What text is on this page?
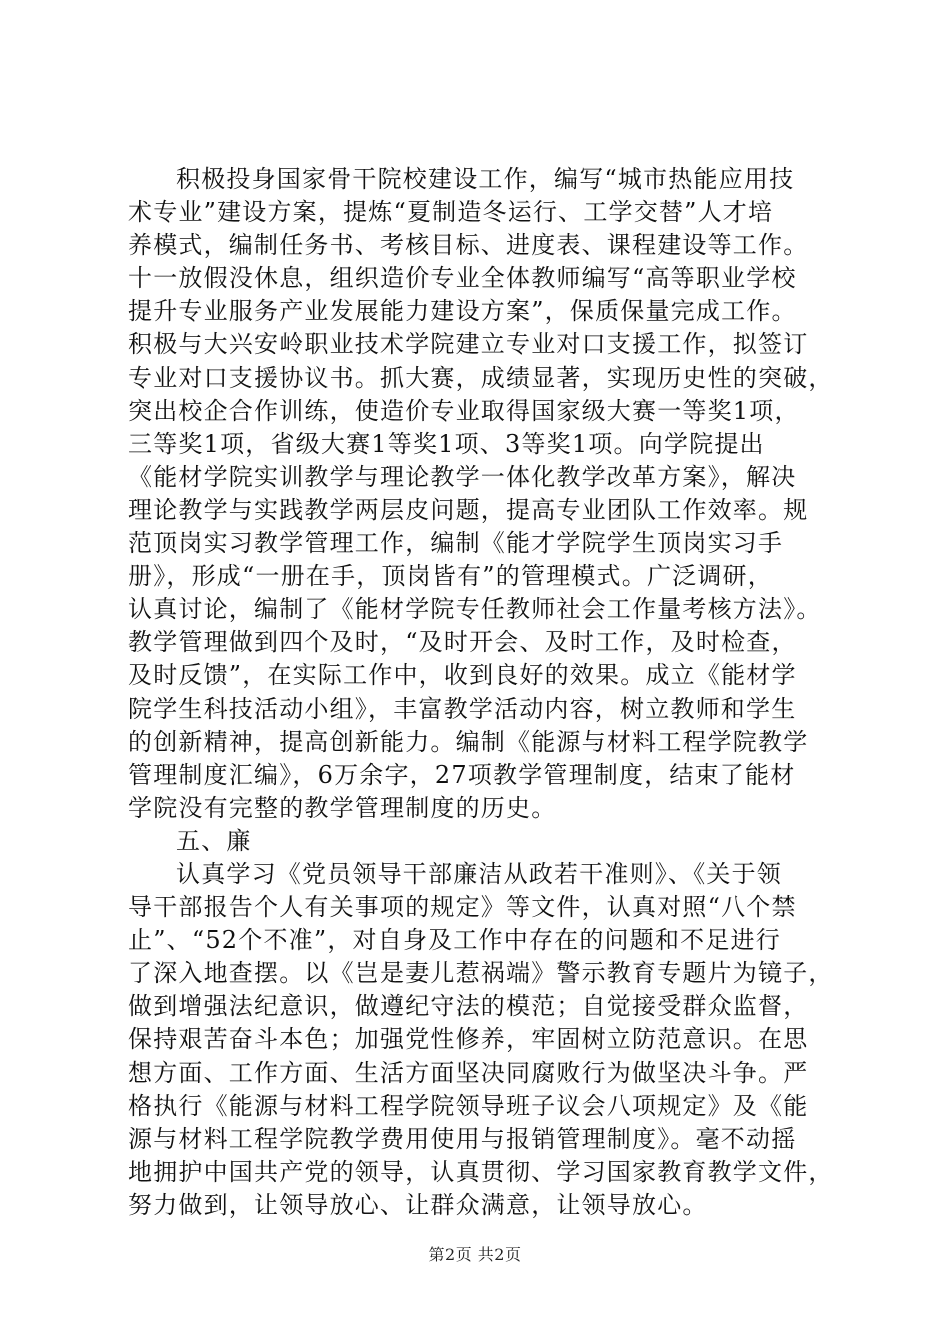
积极投身国家骨干院校建设工作，编写“城市热能应用技
术专业”建设方案，提炼“夏制造冬运行、工学交替”人才培
养模式，编制任务书、考核目标、进度表、课程建设等工作。
十一放假没休息，组织造价专业全体教师编写“高等职业学校
提升专业服务产业发展能力建设方案”，保质保量完成工作。
积极与大兴安岭职业技术学院建立专业对口支援工作，拟签订
专业对口支援协议书。抓大赛，成绩显著，实现历史性的突破，
突出校企合作训练，使造价专业取得国家级大赛一等奖1项，
三等奖1项，省级大赛1等奖1项、3等奖1项。向学院提出
《能材学院实训教学与理论教学一体化教学改革方案》，解决
理论教学与实践教学两层皮问题，提高专业团队工作效率。规
范顶岗实习教学管理工作，编制《能才学院学生顶岗实习手
册》，形成“一册在手，顶岗皆有”的管理模式。广泛调研，
认真讨论，编制了《能材学院专任教师社会工作量考核方法》。
教学管理做到四个及时，“及时开会、及时工作，及时检查，
及时反馈”，在实际工作中，收到良好的效果。成立《能材学
院学生科技活动小组》，丰富教学活动内容，树立教师和学生
的创新精神，提高创新能力。编制《能源与材料工程学院教学
管理制度汇编》，6万余字，27项教学管理制度，结束了能材
学院没有完整的教学管理制度的历史。
五、廉
认真学习《党员领导干部廉洁从政若干准则》、《关于领
导干部报告个人有关事项的规定》等文件，认真对照“八个禁
止”、“52个不准”，对自身及工作中存在的问题和不足进行
了深入地查摆。以《岂是妻儿惹祸端》警示教育专题片为镜子，
做到增强法纪意识，做遵纪守法的模范；自觉接受群众监督，
保持艰苦奋斗本色；加强党性修养，牢固树立防范意识。在思
想方面、工作方面、生活方面坚决同腐败行为做坚决斗争。严
格执行《能源与材料工程学院领导班子议会八项规定》及《能
源与材料工程学院教学费用使用与报销管理制度》。毫不动摇
地拥护中国共产党的领导，认真贯彻、学习国家教育教学文件，
努力做到，让领导放心、让群众满意，让领导放心。
第2页 共2页
